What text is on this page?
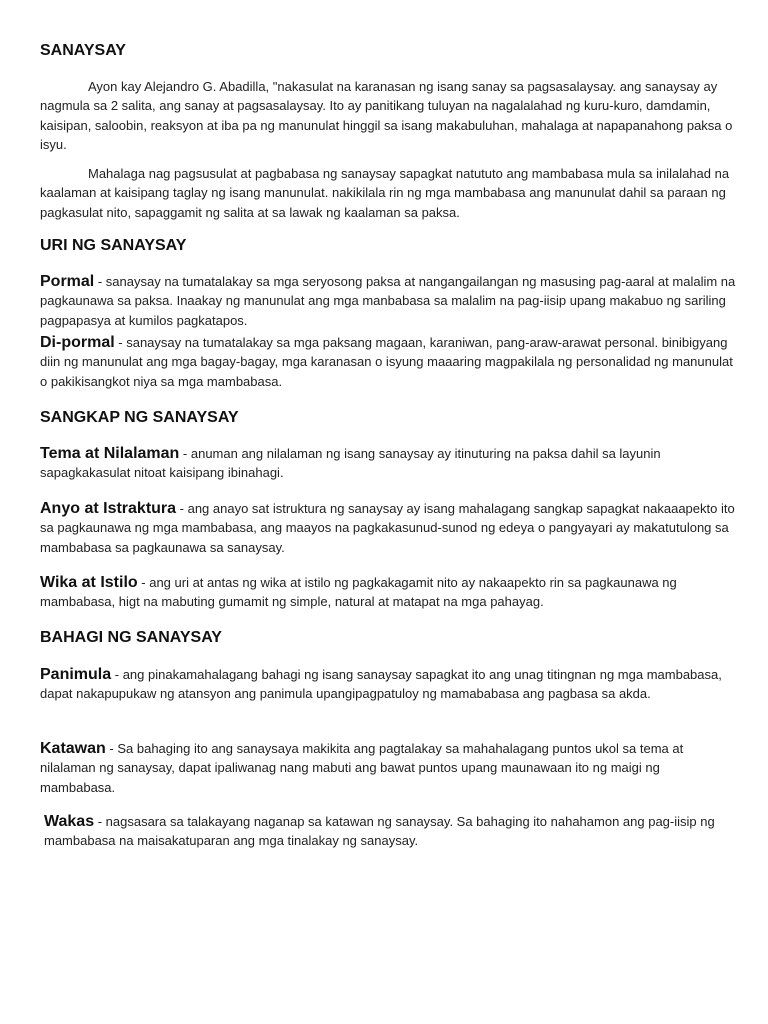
SANAYSAY
Ayon kay Alejandro G. Abadilla, "nakasulat na karanasan ng isang sanay sa pagsasalaysay. ang sanaysay ay nagmula sa 2 salita, ang sanay at pagsasalaysay. Ito ay panitikang tuluyan na nagalalahad ng kuru-kuro, damdamin, kaisipan, saloobin, reaksyon at iba pa ng manunulat hinggil sa isang makabuluhan, mahalaga at napapanahong paksa o isyu.
Mahalaga nag pagsusulat at pagbabasa ng sanaysay sapagkat natututo ang mambabasa mula sa inilalahad na kaalaman at kaisipang taglay ng isang manunulat. nakikilala rin ng mga mambabasa ang manunulat dahil sa paraan ng pagkasulat nito, sapaggamit ng salita at sa lawak ng kaalaman sa paksa.
URI NG SANAYSAY
Pormal - sanaysay na tumatalakay sa mga seryosong paksa at nangangailangan ng masusing pag-aaral at malalim na pagkaunawa sa paksa. Inaakay ng manunulat ang mga manbabasa sa malalim na pag-iisip upang makabuo ng sariling pagpapasya at kumilos pagkatapos.
Di-pormal - sanaysay na tumatalakay sa mga paksang magaan, karaniwan, pang-araw-arawat personal. binibigyang diin ng manunulat ang mga bagay-bagay, mga karanasan o isyung maaaring magpakilala ng personalidad ng manunulat o pakikisangkot niya sa mga mambabasa.
SANGKAP NG SANAYSAY
Tema at Nilalaman - anuman ang nilalaman ng isang sanaysay ay itinuturing na paksa dahil sa layunin sapagkakasulat nitoat kaisipang ibinahagi.
Anyo at Istraktura - ang anayo sat istruktura ng sanaysay ay isang mahalagang sangkap sapagkat nakaaapekto ito sa pagkaunawa ng mga mambabasa, ang maayos na pagkakasunud-sunod ng edeya o pangyayari ay makatutulong sa mambabasa sa pagkaunawa sa sanaysay.
Wika at Istilo - ang uri at antas ng wika at istilo ng pagkakagamit nito ay nakaapekto rin sa pagkaunawa ng mambabasa, higt na mabuting gumamit ng simple, natural at matapat na mga pahayag.
BAHAGI NG SANAYSAY
Panimula - ang pinakamahalagang bahagi ng isang sanaysay sapagkat ito ang unag titingnan ng mga mambabasa, dapat nakapupukaw ng atansyon ang panimula upangipagpatuloy ng mamababasa ang pagbasa sa akda.
Katawan - Sa bahaging ito ang sanaysaya makikita ang pagtalakay sa mahahalagang puntos ukol sa tema at nilalaman ng sanaysay, dapat ipaliwanag nang mabuti ang bawat puntos upang maunawaan ito ng maigi ng mambabasa.
Wakas - nagsasara sa talakayang naganap sa katawan ng sanaysay. Sa bahaging ito nahahamon ang pag-iisip ng mambabasa na maisakatuparan ang mga tinalakay ng sanaysay.
